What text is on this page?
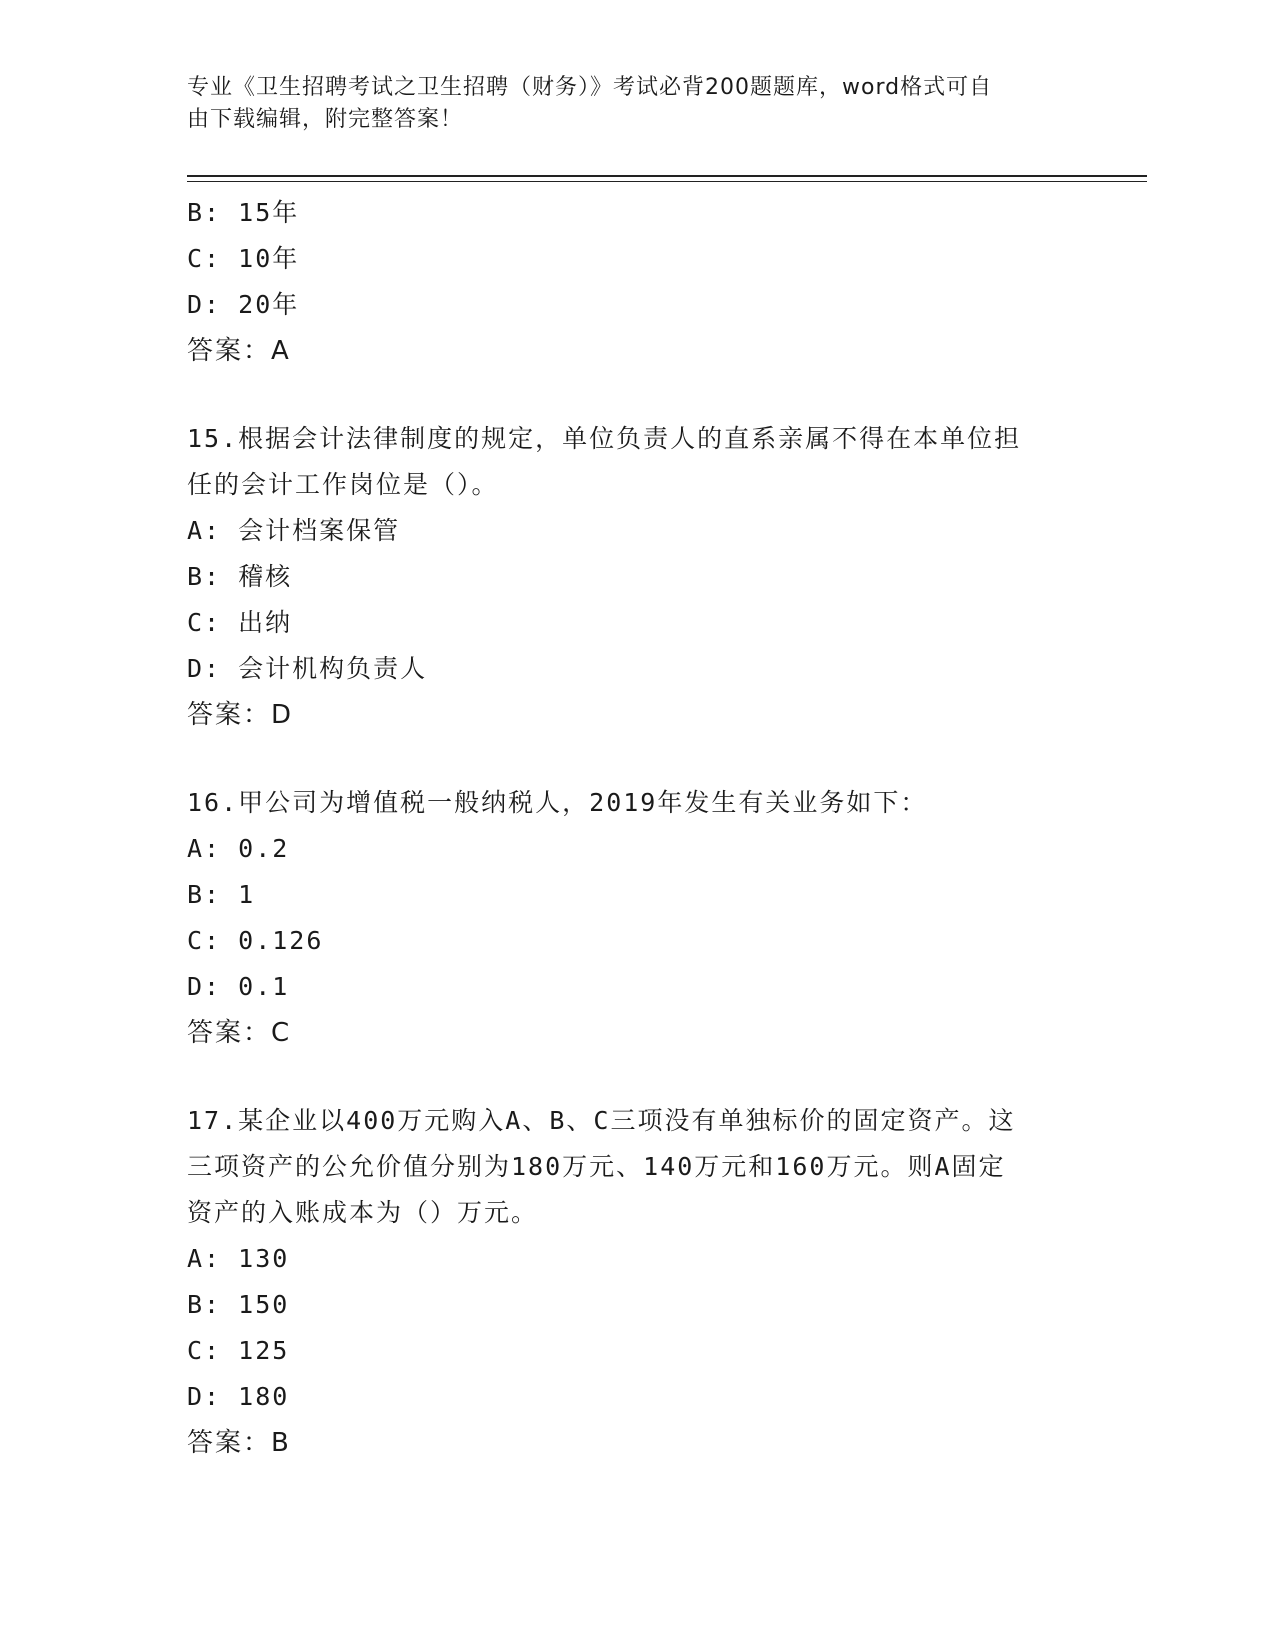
专业《卫生招聘考试之卫生招聘（财务）》考试必背200题题库，word格式可自
由下载编辑，附完整答案！
B: 15年
C: 10年
D: 20年
答案：A
15.根据会计法律制度的规定，单位负责人的直系亲属不得在本单位担
任的会计工作岗位是（）。
A: 会计档案保管
B: 稽核
C: 出纳
D: 会计机构负责人
答案：D
16.甲公司为增值税一般纳税人，2019年发生有关业务如下：
A: 0.2
B: 1
C: 0.126
D: 0.1
答案：C
17.某企业以400万元购入A、B、C三项没有单独标价的固定资产。这
三项资产的公允价值分别为180万元、140万元和160万元。则A固定
资产的入账成本为（）万元。
A: 130
B: 150
C: 125
D: 180
答案：B
